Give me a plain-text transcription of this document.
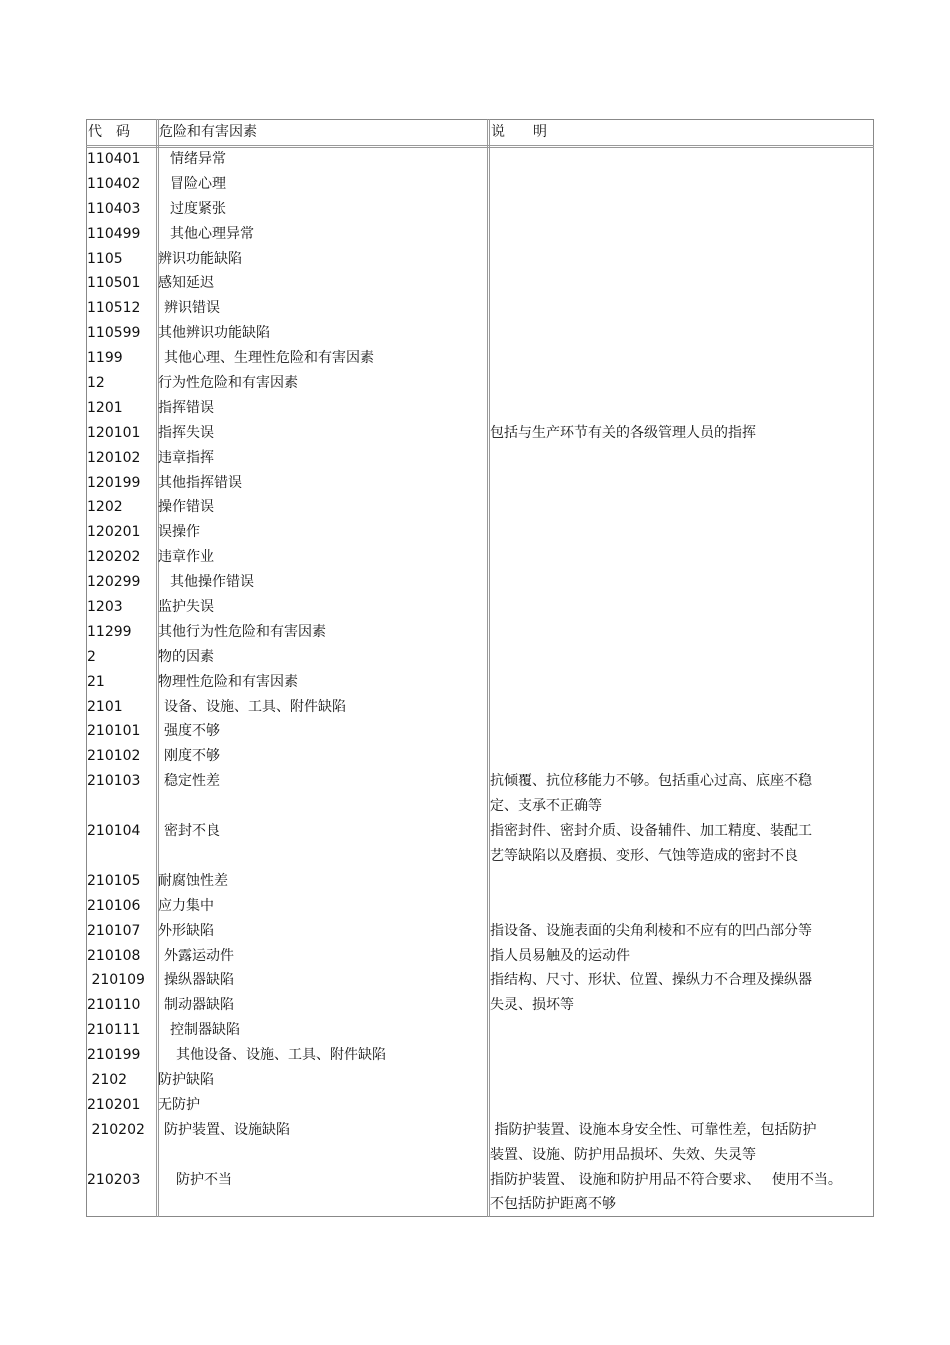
代　码 危险和有害因素	说　　明
110401	情绪异常
110402	冒险心理
110403	过度紧张
110499	其他心理异常
1105	辨识功能缺陷
110501 感知延迟
110512	辨识错误
110599 其他辨识功能缺陷
1199	其他心理、生理性危险和有害因素
12	行为性危险和有害因素
1201	指挥错误
120101 指挥失误	包括与生产环节有关的各级管理人员的指挥
120102 违章指挥
120199 其他指挥错误
1202	操作错误
120201 误操作
120202 违章作业
120299	其他操作错误
1203	监护失误
11299 其他行为性危险和有害因素
2	物的因素
21	物理性危险和有害因素
2101	设备、设施、工具、附件缺陷
210101	强度不够
210102	刚度不够
210103	稳定性差	抗倾覆、抗位移能力不够。包括重心过高、底座不稳
定、支承不正确等
210104	密封不良	指密封件、密封介质、设备辅件、加工精度、装配工
艺等缺陷以及磨损、变形、气蚀等造成的密封不良
210105 耐腐蚀性差
210106 应力集中
210107 外形缺陷	指设备、设施表面的尖角利棱和不应有的凹凸部分等
210108	外露运动件	指人员易触及的运动件
210109	操纵器缺陷	指结构、尺寸、形状、位置、操纵力不合理及操纵器
210110	制动器缺陷	失灵、损坏等
210111	控制器缺陷
210199	其他设备、设施、工具、附件缺陷
2102 防护缺陷
210201 无防护
210202	防护装置、设施缺陷	指防护装置、设施本身安全性、可靠性差，包括防护
装置、设施、防护用品损坏、失效、失灵等
210203	防护不当	指防护装置、 设施和防护用品不符合要求、　 使用不当。
不包括防护距离不够
